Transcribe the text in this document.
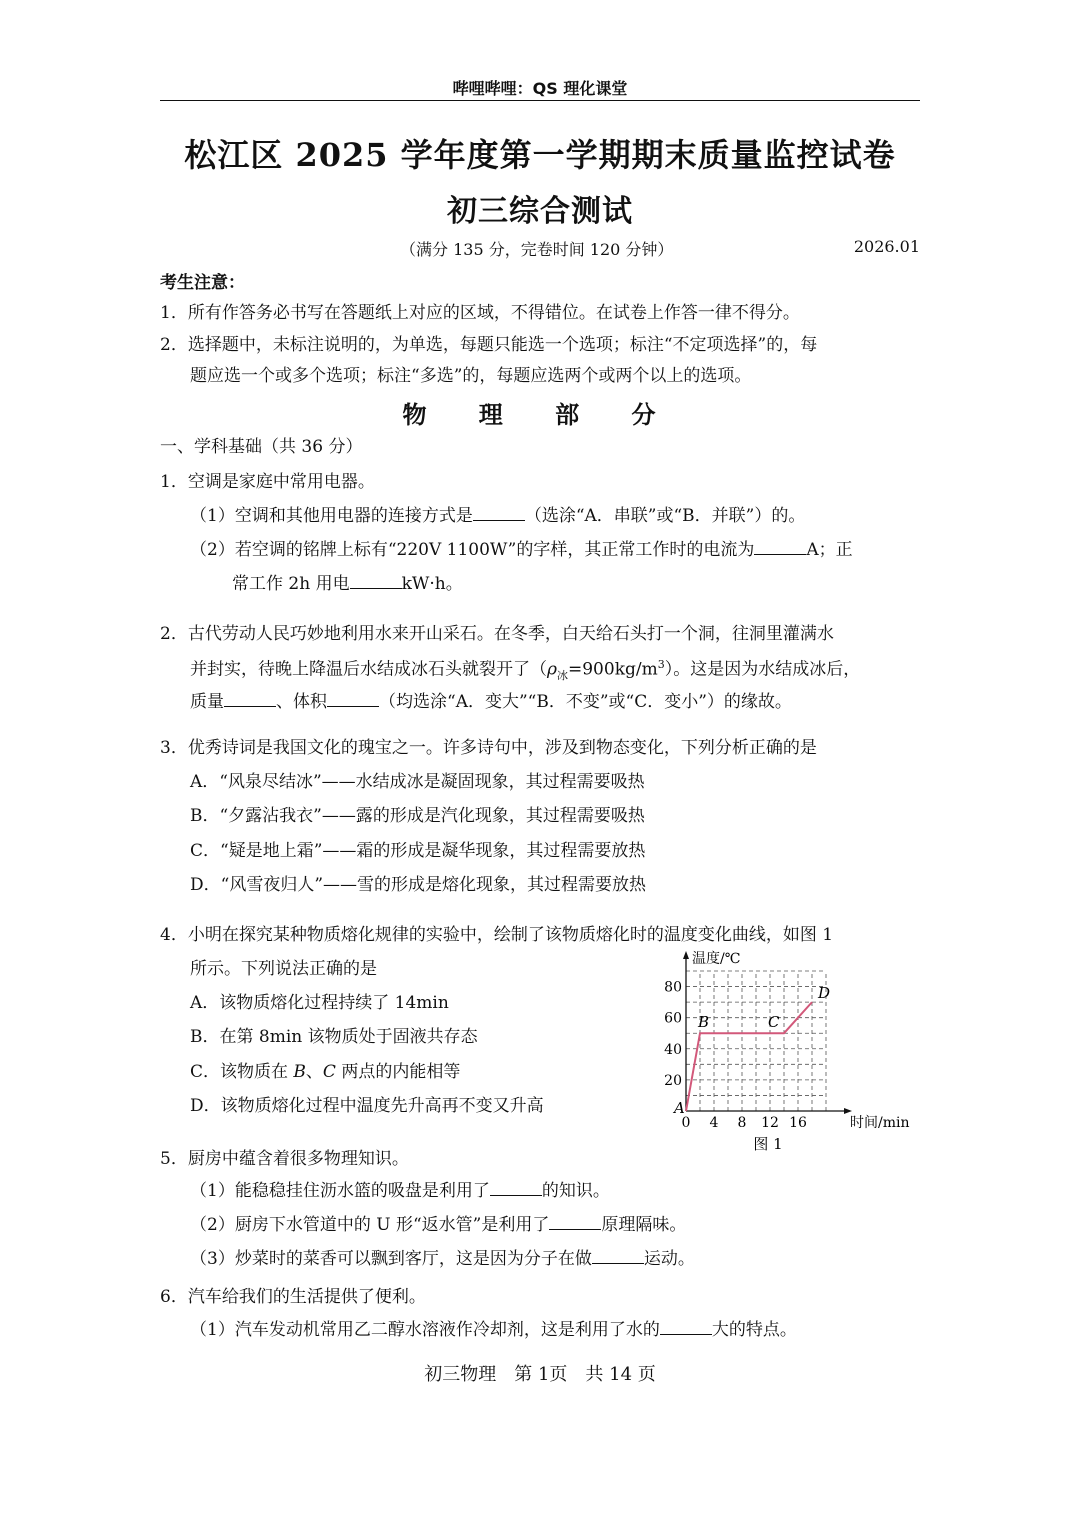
哔哩哔哩：QS 理化课堂
松江区 2025 学年度第一学期期末质量监控试卷
初三综合测试
（满分 135 分，完卷时间 120 分钟）	2026.01
考生注意：
1．所有作答务必书写在答题纸上对应的区域，不得错位。在试卷上作答一律不得分。
2．选择题中，未标注说明的，为单选，每题只能选一个选项；标注“不定项选择”的，每
题应选一个或多个选项；标注“多选”的，每题应选两个或两个以上的选项。
物 理 部 分
一、学科基础（共 36 分）
1．空调是家庭中常用电器。
（1）空调和其他用电器的连接方式是	（选涂“A．串联”或“B．并联”）的。
（2）若空调的铭牌上标有“220V 1100W”的字样，其正常工作时的电流为	A；正
常工作 2h 用电	kW·h。
2．古代劳动人民巧妙地利用水来开山采石。在冬季，白天给石头打一个洞，往洞里灌满水
并封实，待晚上降温后水结成冰石头就裂开了$(\rho_冰=900kg/m^3)$。这是因为水结成冰后，
质量	、体积	（均选涂“A．变大”“B．不变”或“C．变小”）的缘故。
3．优秀诗词是我国文化的瑰宝之一。许多诗句中，涉及到物态变化，下列分析正确的是
A．“风泉尽结冰”——水结成冰是凝固现象，其过程需要吸热
B．“夕露沾我衣”——露的形成是汽化现象，其过程需要吸热
C．“疑是地上霜”——霜的形成是凝华现象，其过程需要放热
D．“风雪夜归人”——雪的形成是熔化现象，其过程需要放热
4．小明在探究某种物质熔化规律的实验中，绘制了该物质熔化时的温度变化曲线，如图 1
所示。下列说法正确的是
A．该物质熔化过程持续了 14min
B．在第 8min 该物质处于固液共存态
C．该物质在 B、C 两点的内能相等
D．该物质熔化过程中温度先升高再不变又升高
0 4 8 12 16
20
40
60
80
时间/min
温度/℃
A
B	C
D
图 1
5．厨房中蕴含着很多物理知识。
（1）能稳稳挂住沥水篮的吸盘是利用了	的知识。
（2）厨房下水管道中的 U 形“返水管”是利用了	原理隔味。
（3）炒菜时的菜香可以飘到客厅，这是因为分子在做	运动。
6．汽车给我们的生活提供了便利。
（1）汽车发动机常用乙二醇水溶液作冷却剂，这是利用了水的	大的特点。
初三物理　第 1页　共 14 页
